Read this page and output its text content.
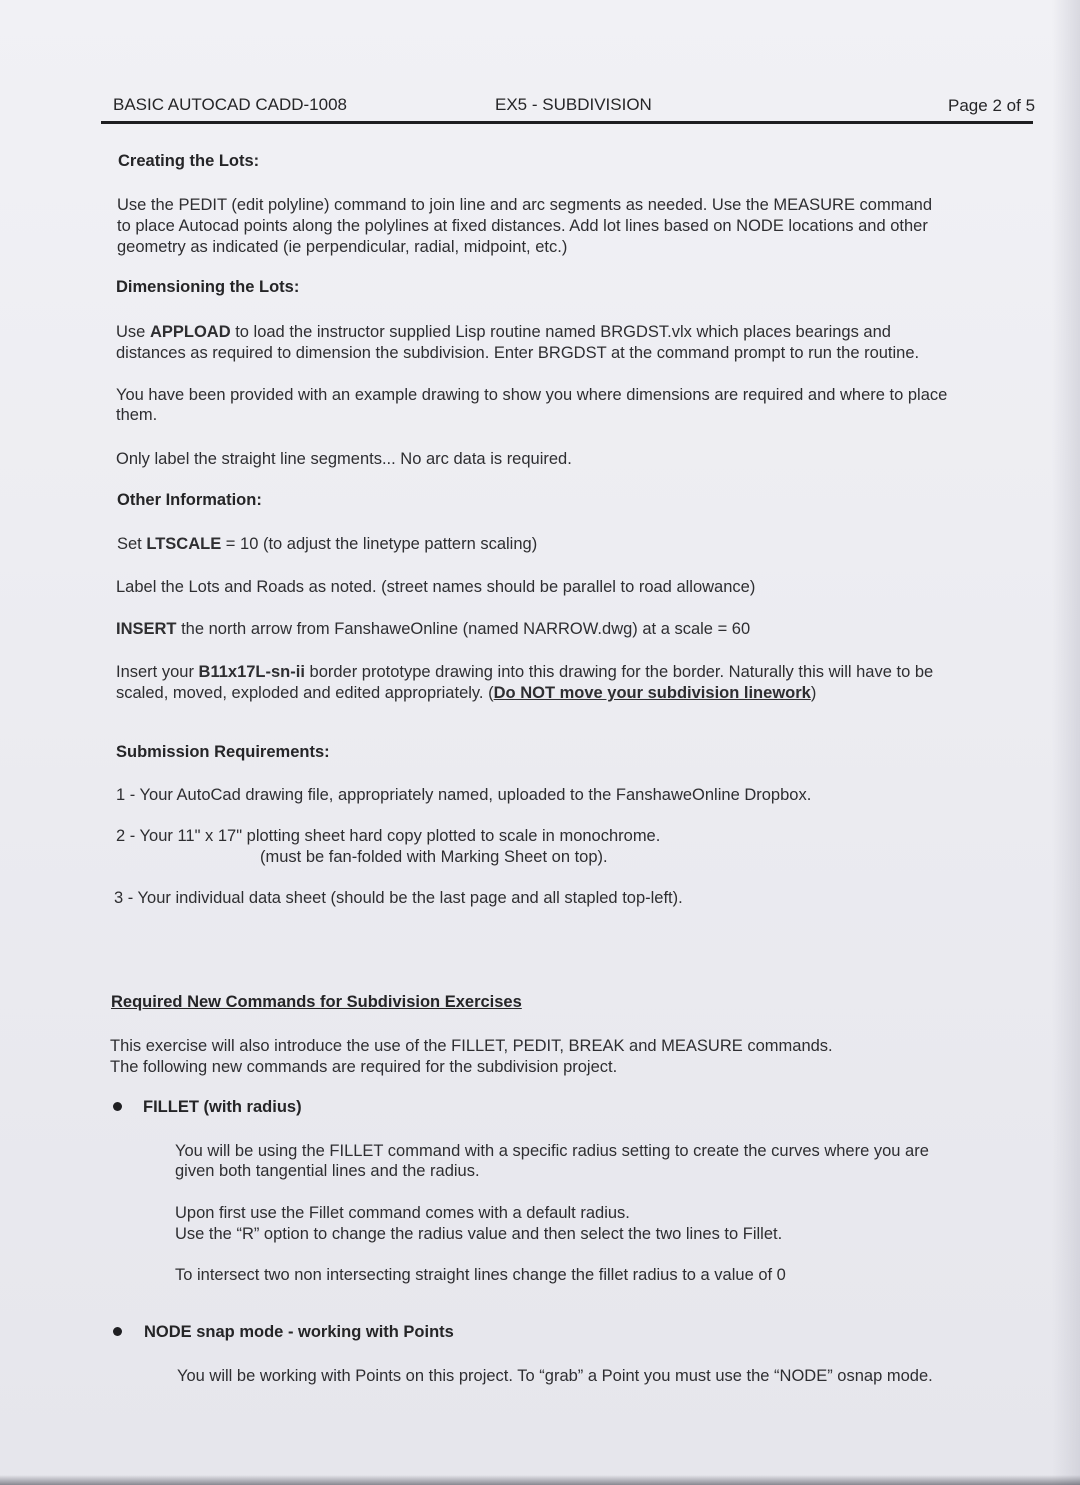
BASIC AUTOCAD CADD-1008	EX5 - SUBDIVISION	Page 2 of 5
Creating the Lots:
Use the PEDIT (edit polyline) command to join line and arc segments as needed. Use the MEASURE command
to place Autocad points along the polylines at fixed distances. Add lot lines based on NODE locations and other
geometry as indicated (ie perpendicular, radial, midpoint, etc.)
Dimensioning the Lots:
Use APPLOAD to load the instructor supplied Lisp routine named BRGDST.vlx which places bearings and
distances as required to dimension the subdivision. Enter BRGDST at the command prompt to run the routine.
You have been provided with an example drawing to show you where dimensions are required and where to place
them.
Only label the straight line segments... No arc data is required.
Other Information:
Set LTSCALE = 10 (to adjust the linetype pattern scaling)
Label the Lots and Roads as noted. (street names should be parallel to road allowance)
INSERT the north arrow from FanshaweOnline (named NARROW.dwg) at a scale = 60
Insert your B11x17L-sn-ii border prototype drawing into this drawing for the border. Naturally this will have to be
scaled, moved, exploded and edited appropriately. (Do NOT move your subdivision linework)
Submission Requirements:
1 - Your AutoCad drawing file, appropriately named, uploaded to the FanshaweOnline Dropbox.
2 - Your 11" x 17" plotting sheet hard copy plotted to scale in monochrome.
(must be fan-folded with Marking Sheet on top).
3 - Your individual data sheet (should be the last page and all stapled top-left).
Required New Commands for Subdivision Exercises
This exercise will also introduce the use of the FILLET, PEDIT, BREAK and MEASURE commands.
The following new commands are required for the subdivision project.
FILLET (with radius)
You will be using the FILLET command with a specific radius setting to create the curves where you are
given both tangential lines and the radius.
Upon first use the Fillet command comes with a default radius.
Use the “R” option to change the radius value and then select the two lines to Fillet.
To intersect two non intersecting straight lines change the fillet radius to a value of 0
NODE snap mode - working with Points
You will be working with Points on this project. To “grab” a Point you must use the “NODE” osnap mode.
